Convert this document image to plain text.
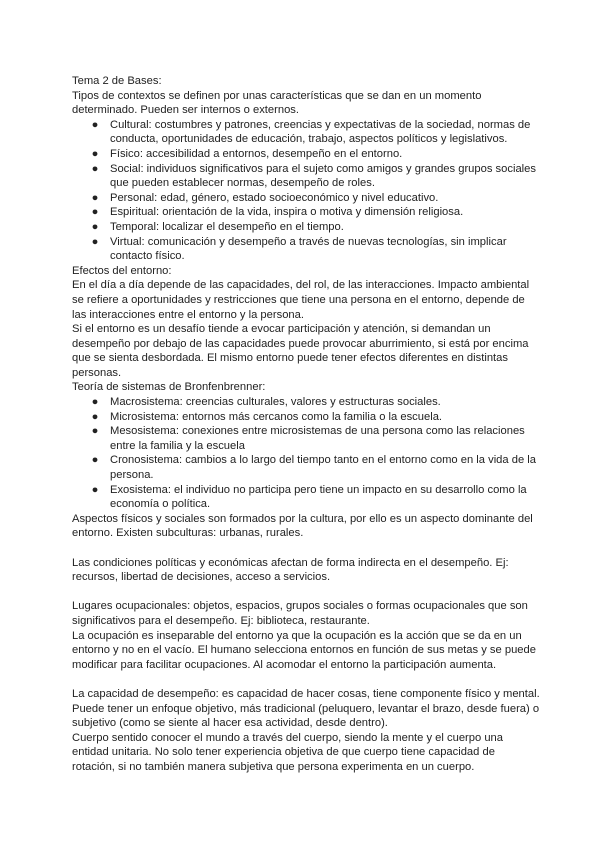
Tema 2 de Bases:

Tipos de contextos se definen por unas características que se dan en un momento determinado. Pueden ser internos o externos.

● Cultural: costumbres y patrones, creencias y expectativas de la sociedad, normas de conducta, oportunidades de educación, trabajo, aspectos políticos y legislativos.
● Físico: accesibilidad a entornos, desempeño en el entorno.
● Social: individuos significativos para el sujeto como amigos y grandes grupos sociales que pueden establecer normas, desempeño de roles.
● Personal: edad, género, estado socioeconómico y nivel educativo.
● Espiritual: orientación de la vida, inspira o motiva y dimensión religiosa.
● Temporal: localizar el desempeño en el tiempo.
● Virtual: comunicación y desempeño a través de nuevas tecnologías, sin implicar contacto físico.

Efectos del entorno:

En el día a día depende de las capacidades, del rol, de las interacciones. Impacto ambiental se refiere a oportunidades y restricciones que tiene una persona en el entorno, depende de las interacciones entre el entorno y la persona.

Si el entorno es un desafío tiende a evocar participación y atención, si demandan un desempeño por debajo de las capacidades puede provocar aburrimiento, si está por encima que se sienta desbordada. El mismo entorno puede tener efectos diferentes en distintas personas.

Teoría de sistemas de Bronfenbrenner:

● Macrosistema: creencias culturales, valores y estructuras sociales.
● Microsistema: entornos más cercanos como la familia o la escuela.
● Mesosistema: conexiones entre microsistemas de una persona como las relaciones entre la familia y la escuela
● Cronosistema: cambios a lo largo del tiempo tanto en el entorno como en la vida de la persona.
● Exosistema: el individuo no participa pero tiene un impacto en su desarrollo como la economía o política.

Aspectos físicos y sociales son formados por la cultura, por ello es un aspecto dominante del entorno. Existen subculturas: urbanas, rurales.

Las condiciones políticas y económicas afectan de forma indirecta en el desempeño. Ej: recursos, libertad de decisiones, acceso a servicios.

Lugares ocupacionales: objetos, espacios, grupos sociales o formas ocupacionales que son significativos para el desempeño. Ej: biblioteca, restaurante.

La ocupación es inseparable del entorno ya que la ocupación es la acción que se da en un entorno y no en el vacío. El humano selecciona entornos en función de sus metas y se puede modificar para facilitar ocupaciones. Al acomodar el entorno la participación aumenta.

La capacidad de desempeño: es capacidad de hacer cosas, tiene componente físico y mental. Puede tener un enfoque objetivo, más tradicional (peluquero, levantar el brazo, desde fuera) o subjetivo (como se siente al hacer esa actividad, desde dentro).

Cuerpo sentido conocer el mundo a través del cuerpo, siendo la mente y el cuerpo una entidad unitaria. No solo tener experiencia objetiva de que cuerpo tiene capacidad de rotación, si no también manera subjetiva que persona experimenta en un cuerpo.
